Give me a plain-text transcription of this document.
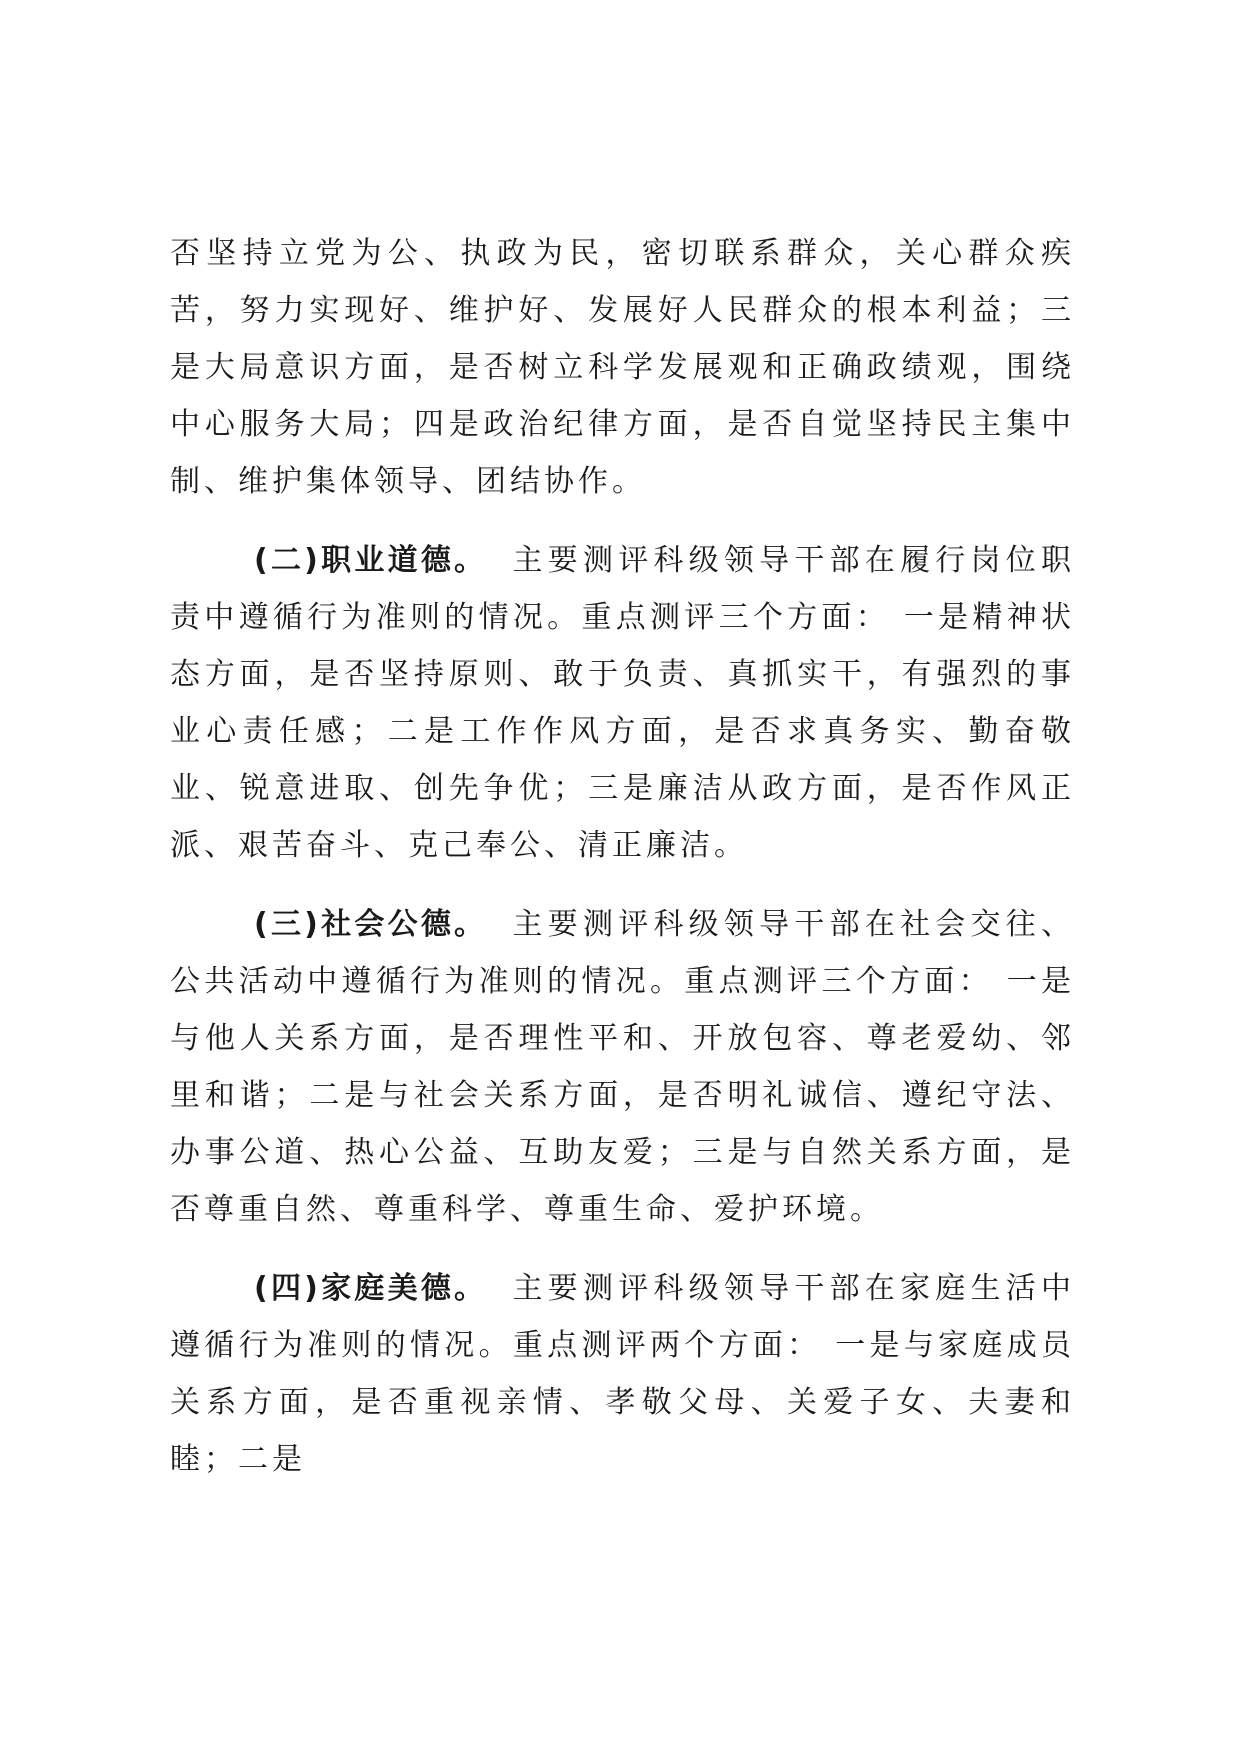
否坚持立党为公、执政为民，密切联系群众，关心群众疾苦，努力实现好、维护好、发展好人民群众的根本利益；三是大局意识方面，是否树立科学发展观和正确政绩观，围绕中心服务大局；四是政治纪律方面，是否自觉坚持民主集中制、维护集体领导、团结协作。

(二)职业道德。 主要测评科级领导干部在履行岗位职责中遵循行为准则的情况。重点测评三个方面： 一是精神状态方面，是否坚持原则、敢于负责、真抓实干，有强烈的事业心责任感；二是工作作风方面，是否求真务实、勤奋敬业、锐意进取、创先争优；三是廉洁从政方面，是否作风正派、艰苦奋斗、克己奉公、清正廉洁。

(三)社会公德。 主要测评科级领导干部在社会交往、公共活动中遵循行为准则的情况。重点测评三个方面： 一是与他人关系方面，是否理性平和、开放包容、尊老爱幼、邻里和谐；二是与社会关系方面，是否明礼诚信、遵纪守法、办事公道、热心公益、互助友爱；三是与自然关系方面，是否尊重自然、尊重科学、尊重生命、爱护环境。

(四)家庭美德。 主要测评科级领导干部在家庭生活中遵循行为准则的情况。重点测评两个方面： 一是与家庭成员关系方面，是否重视亲情、孝敬父母、关爱子女、夫妻和睦；二是
